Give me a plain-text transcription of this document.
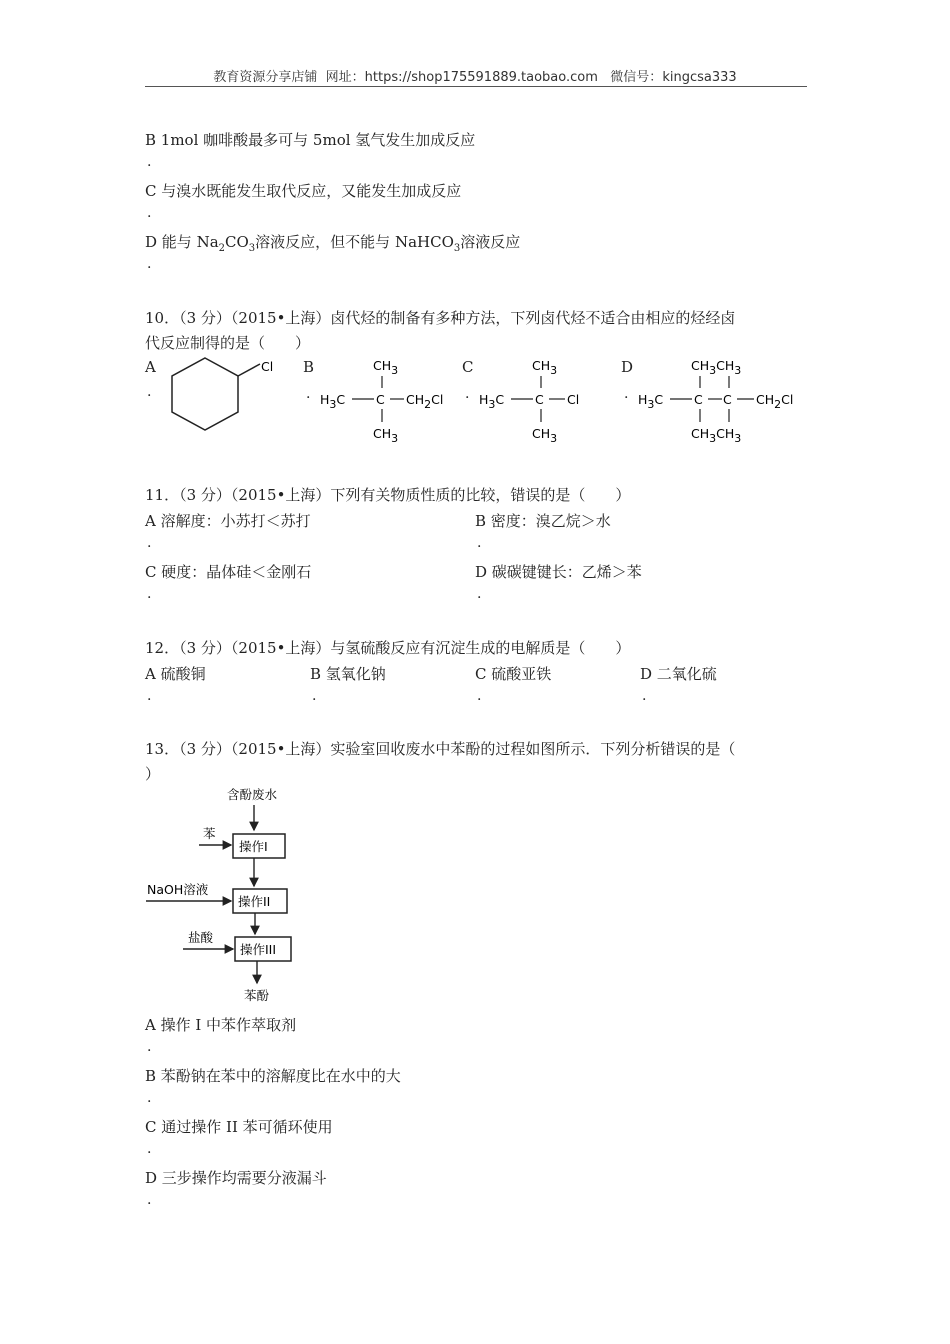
教育资源分享店铺 网址：https://shop175591889.taobao.com 微信号：kingcsa333
B 1mol 咖啡酸最多可与 5mol 氢气发生加成反应
.
C 与溴水既能发生取代反应，又能发生加成反应
.
D 能与 $Na_2CO_3$溶液反应，但不能与 NaHCO$_3$溶液反应
.
10．（3 分）（2015•上海）卤代烃的制备有多种方法，下列卤代烃不适合由相应的烃经卤
代反应制得的是（　　）
A
.
Cl B
.
CH3
H3C C CH2Cl
CH3
C
.
CH3
H3C C Cl
CH3
D
.
CH3CH3
H3C C C CH2Cl
CH3CH3
11．（3 分）（2015•上海）下列有关物质性质的比较，错误的是（　　）
A 溶解度：小苏打＜苏打	B 密度：溴乙烷＞水
.	.
C 硬度：晶体硅＜金刚石	D 碳碳键键长：乙烯＞苯
.	.
12．（3 分）（2015•上海）与氢硫酸反应有沉淀生成的电解质是（　　）
A 硫酸铜	B 氢氧化钠	C 硫酸亚铁	D 二氧化硫
.	.	.	.
13．（3 分）（2015•上海）实验室回收废水中苯酚的过程如图所示．下列分析错误的是（
）
含酚废水
苯
操作I
NaOH溶液
操作II
盐酸
操作III
苯酚
A 操作 I 中苯作萃取剂
.
B 苯酚钠在苯中的溶解度比在水中的大
.
C 通过操作 II 苯可循环使用
.
D 三步操作均需要分液漏斗
.
